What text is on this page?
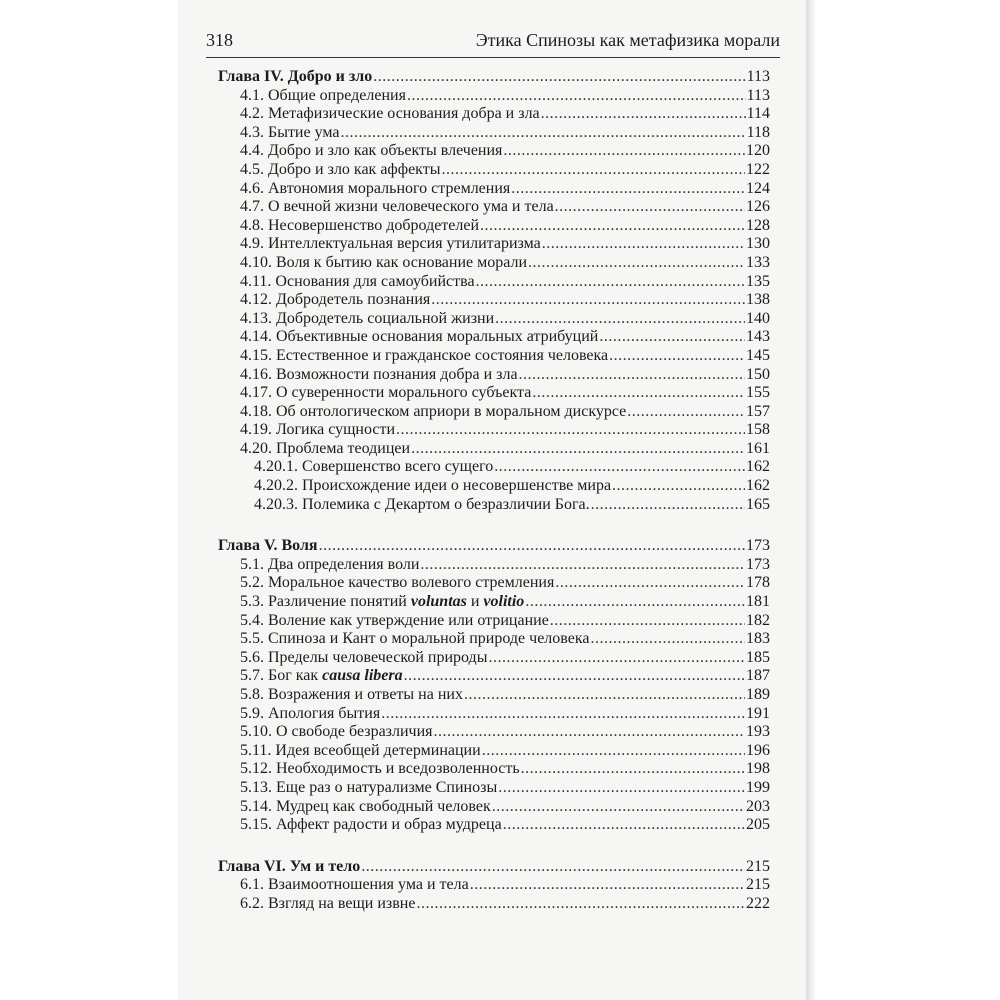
318	Этика Спинозы как метафизика морали
Глава IV. Добро и зло .....	113
4.1. Общие определения .....	113
4.2. Метафизические основания добра и зла .....	114
4.3. Бытие ума .....	118
4.4. Добро и зло как объекты влечения .....	120
4.5. Добро и зло как аффекты .....	122
4.6. Автономия морального стремления .....	124
4.7. О вечной жизни человеческого ума и тела .....	126
4.8. Несовершенство добродетелей .....	128
4.9. Интеллектуальная версия утилитаризма .....	130
4.10. Воля к бытию как основание морали .....	133
4.11. Основания для самоубийства .....	135
4.12. Добродетель познания .....	138
4.13. Добродетель социальной жизни .....	140
4.14. Объективные основания моральных атрибуций .....	143
4.15. Естественное и гражданское состояния человека .....	145
4.16. Возможности познания добра и зла .....	150
4.17. О суверенности морального субъекта .....	155
4.18. Об онтологическом априори в моральном дискурсе .....	157
4.19. Логика сущности .....	158
4.20. Проблема теодицеи .....	161
4.20.1. Совершенство всего сущего .....	162
4.20.2. Происхождение идеи о несовершенстве мира .....	162
4.20.3. Полемика с Декартом о безразличии Бога. .....	165
Глава V. Воля .....	173
5.1. Два определения воли .....	173
5.2. Моральное качество волевого стремления .....	178
5.3. Различение понятий voluntas и volitio .....	181
5.4. Воление как утверждение или отрицание .....	182
5.5. Спиноза и Кант о моральной природе человека .....	183
5.6. Пределы человеческой природы .....	185
5.7. Бог как causa libera .....	187
5.8. Возражения и ответы на них .....	189
5.9. Апология бытия .....	191
5.10. О свободе безразличия .....	193
5.11. Идея всеобщей детерминации .....	196
5.12. Необходимость и вседозволенность .....	198
5.13. Еще раз о натурализме Спинозы .....	199
5.14. Мудрец как свободный человек .....	203
5.15. Аффект радости и образ мудреца .....	205
Глава VI. Ум и тело .....	215
6.1. Взаимоотношения ума и тела .....	215
6.2. Взгляд на вещи извне .....	222
